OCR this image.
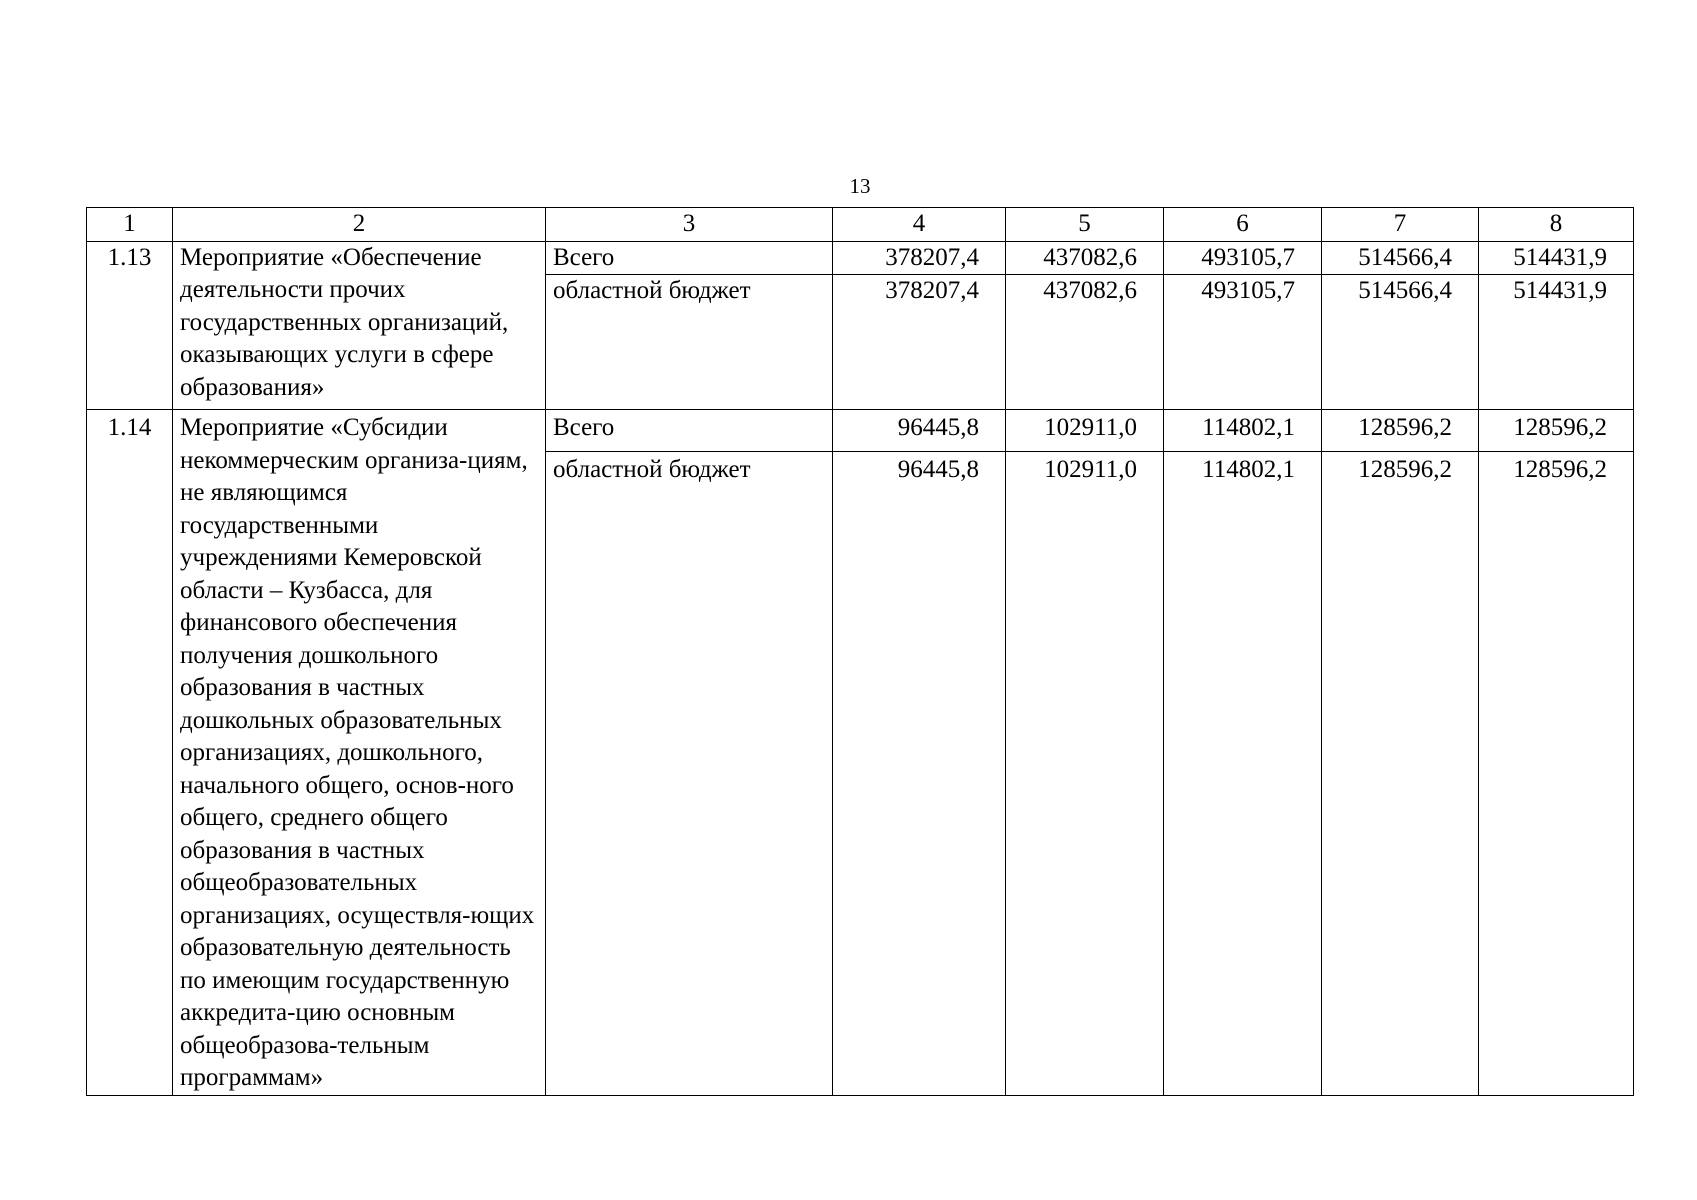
13
1	2	3	4	5	6	7	8
1.13	Мероприятие «Обеспечение деятельности прочих государственных организаций, оказывающих услуги в сфере образования»	Всего	378207,4	437082,6	493105,7	514566,4	514431,9
		областной бюджет	378207,4	437082,6	493105,7	514566,4	514431,9
1.14	Мероприятие «Субсидии некоммерческим организа-циям, не являющимся государственными учреждениями Кемеровской области – Кузбасса, для финансового обеспечения получения дошкольного образования в частных дошкольных образовательных организациях, дошкольного, начального общего, основ-ного общего, среднего общего образования в частных общеобразовательных организациях, осуществля-ющих образовательную деятельность по имеющим государственную аккредита-цию основным общеобразова-тельным программам»	Всего	96445,8	102911,0	114802,1	128596,2	128596,2
		областной бюджет	96445,8	102911,0	114802,1	128596,2	128596,2
